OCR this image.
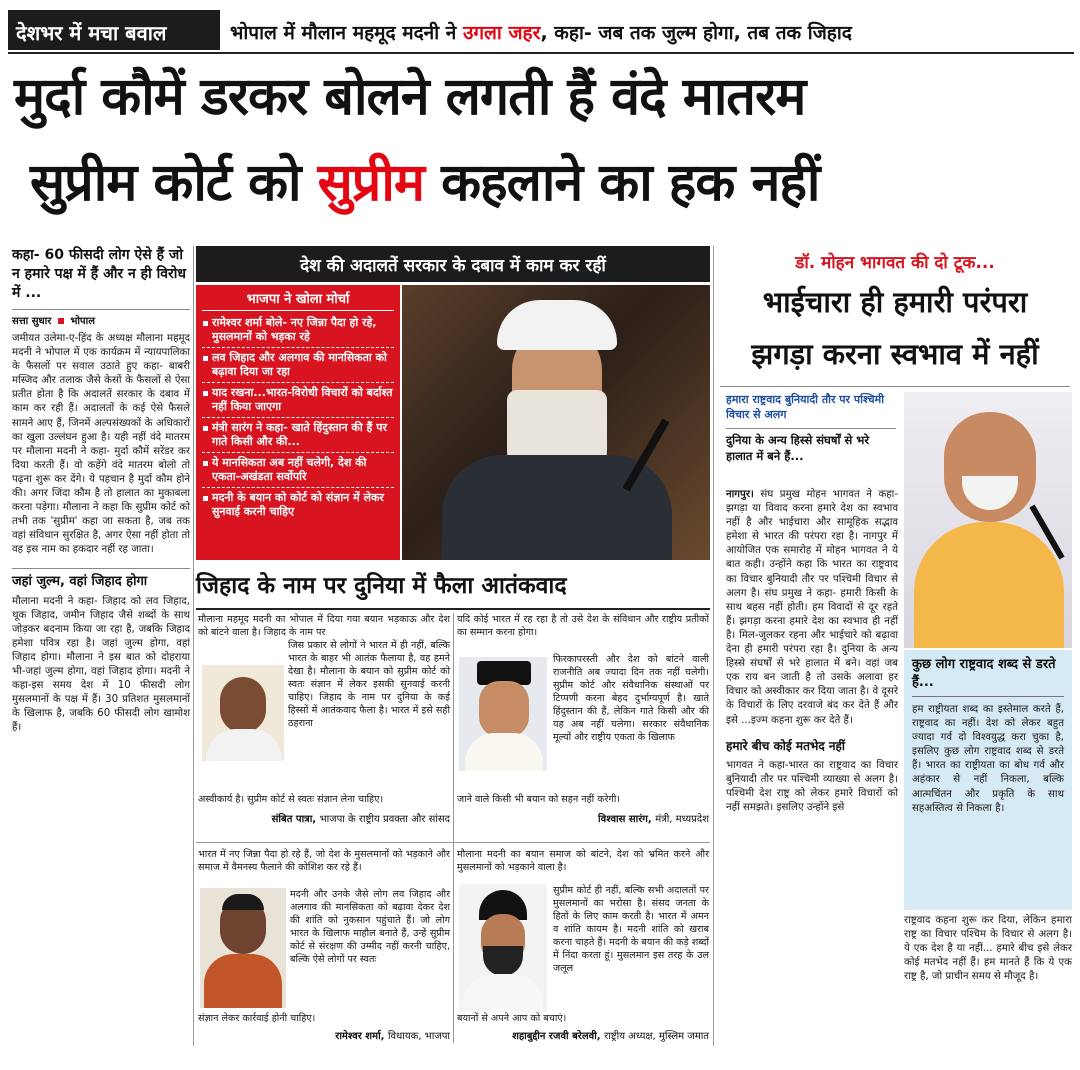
देशभर में मचा बवाल	भोपाल में मौलान महमूद मदनी ने उगला जहर, कहा- जब तक जुल्म होगा, तब तक जिहाद
मुर्दा कौमें डरकर बोलने लगती हैं वंदे मातरम
सुप्रीम कोर्ट को सुप्रीम कहलाने का हक नहीं
कहा- 60 फीसदी लोग ऐसे हैं जो न हमारे पक्ष में हैं और न ही विरोध में ...
सत्ता सुधार भोपाल
जमीयत उलेमा-ए-हिंद के अध्यक्ष मौलाना महमूद मदनी ने भोपाल में एक कार्यक्रम में न्यायपालिका के फैसलों पर सवाल उठाते हुए कहा- बाबरी मस्जिद और तलाक जैसे केसों के फैसलों से ऐसा प्रतीत होता है कि अदालतें सरकार के दबाव में काम कर रही हैं। अदालतों के कई ऐसे फैसले सामने आए हैं, जिनमें अल्पसंख्यकों के अधिकारों का खुला उल्लंघन हुआ है। यही नहीं वंदे मातरम पर मौलाना मदनी ने कहा- मुर्दा कौमें सरेंडर कर दिया करती हैं। वो कहेंगे वंदे मातरम बोलो तो पढ़ना शुरू कर देंगे। ये पहचान है मुर्दा कौम होने की। अगर जिंदा कौम है तो हालात का मुकाबला करना पड़ेगा। मौलाना ने कहा कि सुप्रीम कोर्ट को तभी तक 'सुप्रीम' कहा जा सकता है, जब तक वहां संविधान सुरक्षित है, अगर ऐसा नहीं होता तो वह इस नाम का हकदार नहीं रह जाता।
जहां जुल्म, वहां जिहाद होगा
मौलाना मदनी ने कहा- जिहाद को लव जिहाद, थूक जिहाद, जमीन जिहाद जैसे शब्दों के साथ जोड़कर बदनाम किया जा रहा है, जबकि जिहाद हमेशा पवित्र रहा है। जहां जुल्म होगा, वहां जिहाद होगा। मौलाना ने इस बात को दोहराया भी-जहां जुल्म होगा, वहां जिहाद होगा। मदनी ने कहा-इस समय देश में 10 फीसदी लोग मुसलमानों के पक्ष में हैं। 30 प्रतिशत मुसलमानों के खिलाफ है, जबकि 60 फीसदी लोग खामोश हैं।
देश की अदालतें सरकार के दबाव में काम कर रहीं
भाजपा ने खोला मोर्चा
रामेश्वर शर्मा बोले- नए जिन्ना पैदा हो रहे, मुसलमानों को भड़का रहे
लव जिहाद और अलगाव की मानसिकता को बढ़ावा दिया जा रहा
याद रखना...भारत-विरोधी विचारों को बर्दाश्त नहीं किया जाएगा
मंत्री सारंग ने कहा- खाते हिंदुस्तान की हैं पर गाते किसी और की...
ये मानसिकता अब नहीं चलेगी, देश की एकता-अखंडता सर्वोपरि
मदनी के बयान को कोर्ट को संज्ञान में लेकर सुनवाई करनी चाहिए
जिहाद के नाम पर दुनिया में फैला आतंकवाद
मौलाना महमूद मदनी का भोपाल में दिया गया बयान भड़काऊ और देश को बांटने वाला है। जिहाद के नाम पर
जिस प्रकार से लोगों ने भारत में ही नहीं, बल्कि भारत के बाहर भी आतंक फैलाया है, वह हमने देखा है। मौलाना के बयान को सुप्रीम कोर्ट को स्वतः संज्ञान में लेकर इसकी सुनवाई करनी चाहिए। जिहाद के नाम पर दुनिया के कई हिस्सों में आतंकवाद फैला है। भारत में इसे सही ठहराना
अस्वीकार्य है। सुप्रीम कोर्ट से स्वतः संज्ञान लेना चाहिए।
संबित पात्रा, भाजपा के राष्ट्रीय प्रवक्ता और सांसद
यदि कोई भारत में रह रहा है तो उसे देश के संविधान और राष्ट्रीय प्रतीकों का सम्मान करना होगा।
फिरकापरस्ती और देश को बांटने वाली राजनीति अब ज्यादा दिन तक नहीं चलेगी। सुप्रीम कोर्ट और संवैधानिक संस्थाओं पर टिप्पणी करना बेहद दुर्भाग्यपूर्ण है। खाते हिंदुस्तान की हैं, लेकिन गाते किसी और की यह अब नहीं चलेगा। सरकार संवैधानिक मूल्यों और राष्ट्रीय एकता के खिलाफ
जाने वाले किसी भी बयान को सहन नहीं करेगी।
विश्वास सारंग, मंत्री, मध्यप्रदेश
भारत में नए जिन्ना पैदा हो रहे हैं, जो देश के मुसलमानों को भड़काने और समाज में वैमनस्य फैलाने की कोशिश कर रहे हैं।
मदनी और उनके जैसे लोग लव जिहाद और अलगाव की मानसिकता को बढ़ावा देकर देश की शांति को नुकसान पहुंचाते हैं। जो लोग भारत के खिलाफ माहौल बनाते हैं, उन्हें सुप्रीम कोर्ट से संरक्षण की उम्मीद नहीं करनी चाहिए, बल्कि ऐसे लोगों पर स्वतः
संज्ञान लेकर कार्रवाई होनी चाहिए।
रामेश्वर शर्मा, विधायक, भाजपा
मौलाना मदनी का बयान समाज को बांटने, देश को भ्रमित करने और मुसलमानों को भड़काने वाला है।
सुप्रीम कोर्ट ही नहीं, बल्कि सभी अदालतों पर मुसलमानों का भरोसा है। संसद जनता के हितों के लिए काम करती है। भारत में अमन व शांति कायम है। मदनी शांति को खराब करना चाहते हैं। मदनी के बयान की कड़े शब्दों में निंदा करता हूं। मुसलमान इस तरह के उल जलूल
बयानों से अपने आप को बचाएं।
शहाबुद्दीन रजवी बरेलवी, राष्ट्रीय अध्यक्ष, मुस्लिम जमात
डॉ. मोहन भागवत की दो टूक...
भाईचारा ही हमारी परंपरा
झगड़ा करना स्वभाव में नहीं
हमारा राष्ट्रवाद बुनियादी तौर पर पश्चिमी विचार से अलग
दुनिया के अन्य हिस्से संघर्षों से भरे हालात में बने हैं...
नागपुर। संघ प्रमुख मोहन भागवत ने कहा-झगड़ा या विवाद करना हमारे देश का स्वभाव नहीं है और भाईचारा और सामूहिक सद्भाव हमेशा से भारत की परंपरा रहा है। नागपुर में आयोजित एक समारोह में मोहन भागवत ने ये बात कही। उन्होंने कहा कि भारत का राष्ट्रवाद का विचार बुनियादी तौर पर पश्चिमी विचार से अलग है। संघ प्रमुख ने कहा- हमारी किसी के साथ बहस नहीं होती। हम विवादों से दूर रहते हैं। झगड़ा करना हमारे देश का स्वभाव ही नहीं है। मिल-जुलकर रहना और भाईचारे को बढ़ावा देना ही हमारी परंपरा रहा है। दुनिया के अन्य हिस्से संघर्षों से भरे हालात में बने। वहां जब एक राय बन जाती है तो उसके अलावा हर विचार को अस्वीकार कर दिया जाता है। वे दूसरे के विचारों के लिए दरवाजे बंद कर देते हैं और इसे ...इज्म कहना शुरू कर देते हैं।
हमारे बीच कोई मतभेद नहीं
भागवत ने कहा-भारत का राष्ट्रवाद का विचार बुनियादी तौर पर पश्चिमी व्याख्या से अलग है। पश्चिमी देश राष्ट्र को लेकर हमारे विचारों को नहीं समझते। इसलिए उन्होंने इसे
कुछ लोग राष्ट्रवाद शब्द से डरते हैं...
हम राष्ट्रीयता शब्द का इस्तेमाल करते हैं, राष्ट्रवाद का नहीं। देश को लेकर बहुत ज्यादा गर्व दो विश्वयुद्ध करा चुका है, इसलिए कुछ लोग राष्ट्रवाद शब्द से डरते हैं। भारत का राष्ट्रीयता का बोध गर्व और अहंकार से नहीं निकला, बल्कि आत्मचिंतन और प्रकृति के साथ सहअस्तित्व से निकला है।
राष्ट्रवाद कहना शुरू कर दिया, लेकिन हमारा राष्ट्र का विचार पश्चिम के विचार से अलग है। ये एक देश है या नहीं... हमारे बीच इसे लेकर कोई मतभेद नहीं हैं। हम मानते हैं कि ये एक राष्ट्र है, जो प्राचीन समय से मौजूद है।
